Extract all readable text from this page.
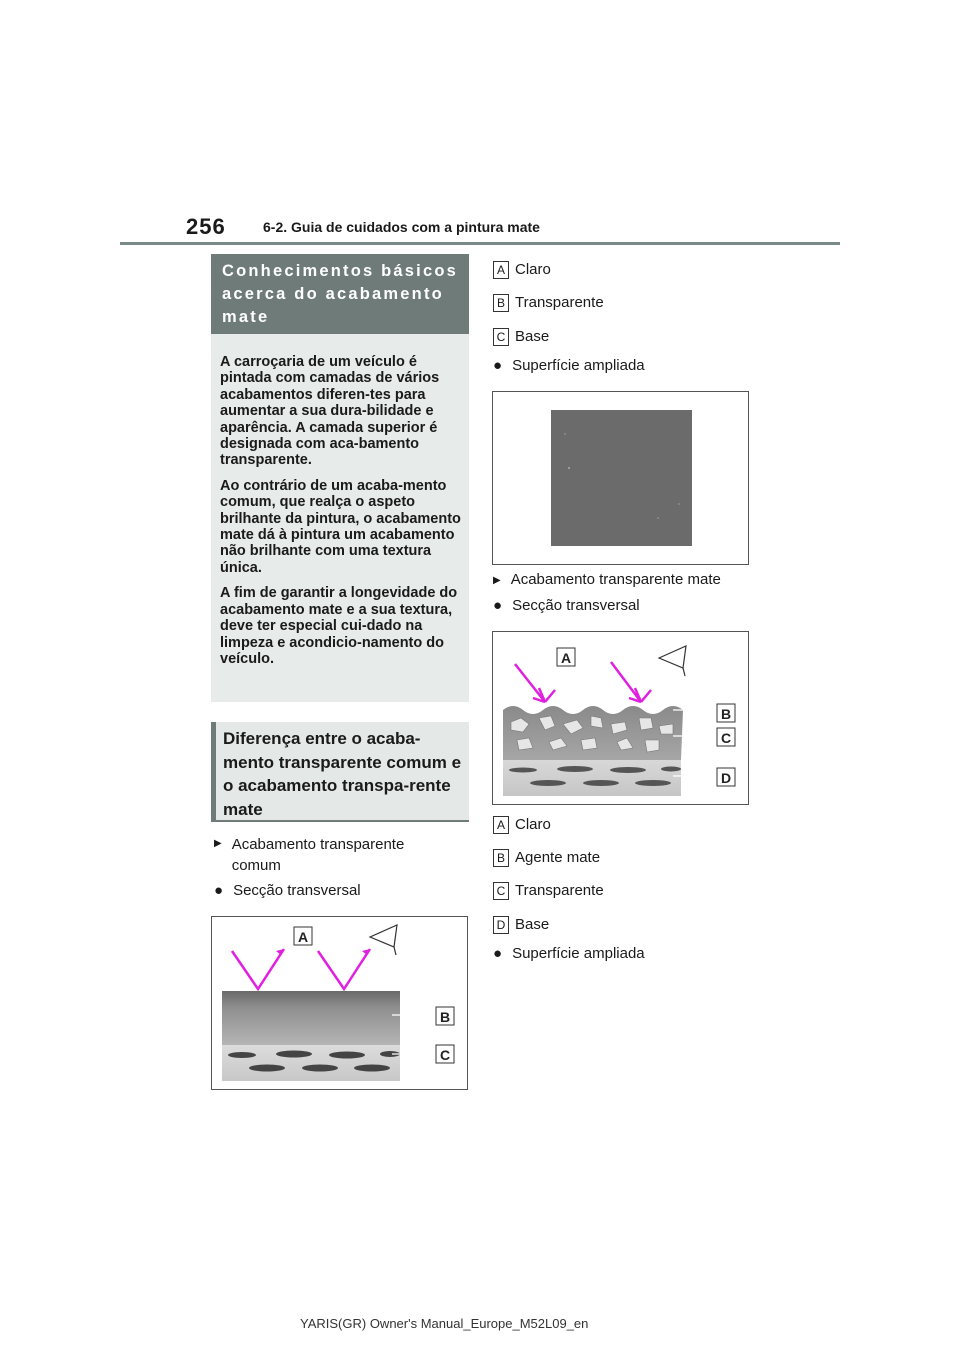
256	6-2. Guia de cuidados com a pintura mate
Conhecimentos básicos acerca do acabamento mate

A carroçaria de um veículo é pintada com camadas de vários acabamentos diferen-tes para aumentar a sua dura-bilidade e aparência. A camada superior é designada com aca-bamento transparente.

Ao contrário de um acaba-mento comum, que realça o aspeto brilhante da pintura, o acabamento mate dá à pintura um acabamento não brilhante com uma textura única.

A fim de garantir a longevidade do acabamento mate e a sua textura, deve ter especial cui-dado na limpeza e acondicio-namento do veículo.

Diferença entre o acaba-mento transparente comum e o acabamento transpa-rente mate
▶ Acabamento transparente comum
● Secção transversal
A
B
C
A Claro
B Transparente
C Base
● Superfície ampliada
▶ Acabamento transparente mate
● Secção transversal
A
B
C
D
A Claro
B Agente mate
C Transparente
D Base
● Superfície ampliada
YARIS(GR) Owner's Manual_Europe_M52L09_en
